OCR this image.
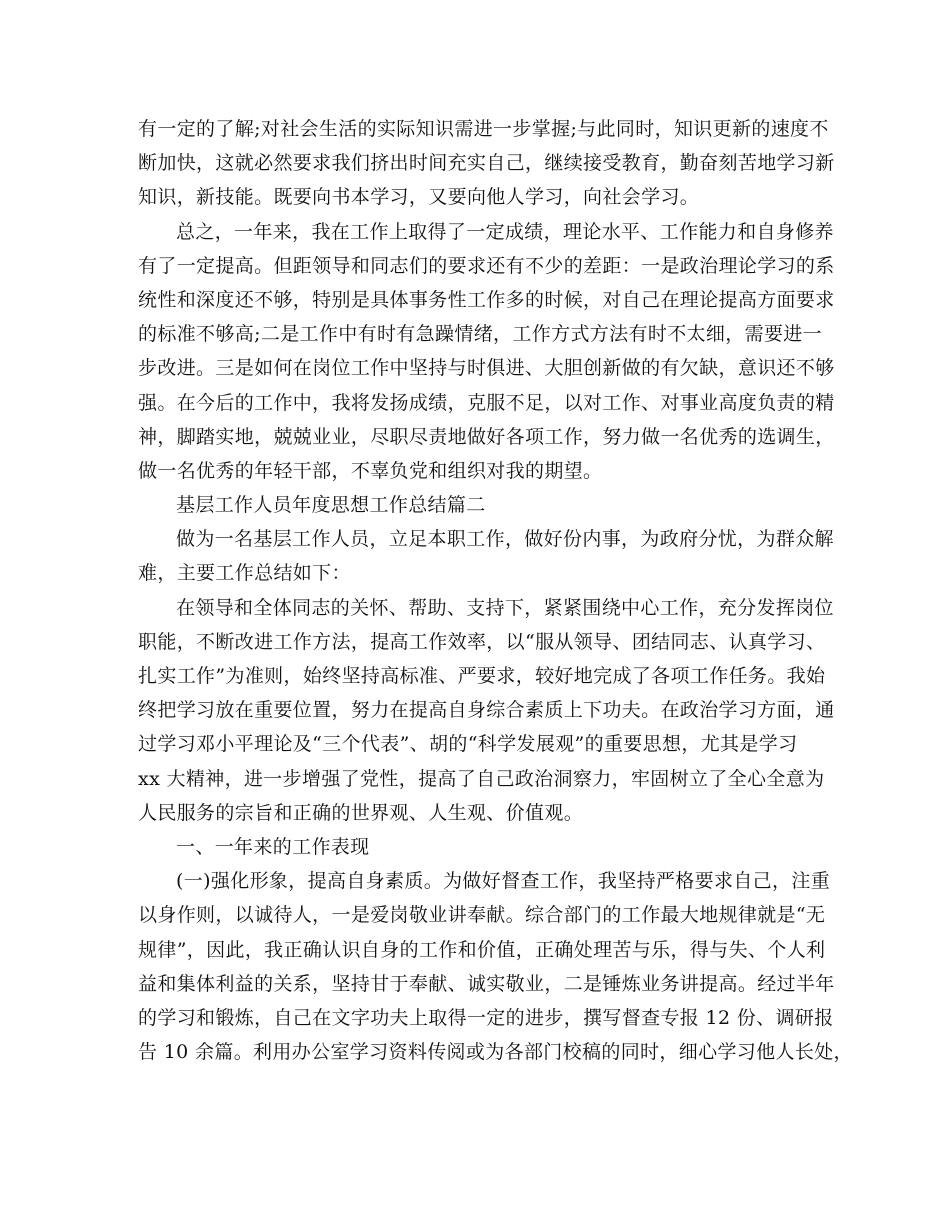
有一定的了解;对社会生活的实际知识需进一步掌握;与此同时，知识更新的速度不
断加快，这就必然要求我们挤出时间充实自己，继续接受教育，勤奋刻苦地学习新
知识，新技能。既要向书本学习，又要向他人学习，向社会学习。
总之，一年来，我在工作上取得了一定成绩，理论水平、工作能力和自身修养
有了一定提高。但距领导和同志们的要求还有不少的差距：一是政治理论学习的系
统性和深度还不够，特别是具体事务性工作多的时候，对自己在理论提高方面要求
的标准不够高;二是工作中有时有急躁情绪，工作方式方法有时不太细，需要进一
步改进。三是如何在岗位工作中坚持与时俱进、大胆创新做的有欠缺，意识还不够
强。在今后的工作中，我将发扬成绩，克服不足，以对工作、对事业高度负责的精
神，脚踏实地，兢兢业业，尽职尽责地做好各项工作，努力做一名优秀的选调生，
做一名优秀的年轻干部，不辜负党和组织对我的期望。
基层工作人员年度思想工作总结篇二
做为一名基层工作人员，立足本职工作，做好份内事，为政府分忧，为群众解
难，主要工作总结如下：
在领导和全体同志的关怀、帮助、支持下，紧紧围绕中心工作，充分发挥岗位
职能，不断改进工作方法，提高工作效率，以“服从领导、团结同志、认真学习、
扎实工作”为准则，始终坚持高标准、严要求，较好地完成了各项工作任务。我始
终把学习放在重要位置，努力在提高自身综合素质上下功夫。在政治学习方面，通
过学习邓小平理论及“三个代表”、胡的“科学发展观”的重要思想，尤其是学习
xx 大精神，进一步增强了党性，提高了自己政治洞察力，牢固树立了全心全意为
人民服务的宗旨和正确的世界观、人生观、价值观。
一、一年来的工作表现
(一)强化形象，提高自身素质。为做好督查工作，我坚持严格要求自己，注重
以身作则，以诚待人，一是爱岗敬业讲奉献。综合部门的工作最大地规律就是“无
规律”，因此，我正确认识自身的工作和价值，正确处理苦与乐，得与失、个人利
益和集体利益的关系，坚持甘于奉献、诚实敬业，二是锤炼业务讲提高。经过半年
的学习和锻炼，自己在文字功夫上取得一定的进步，撰写督查专报 12 份、调研报
告 10 余篇。利用办公室学习资料传阅或为各部门校稿的同时，细心学习他人长处，
